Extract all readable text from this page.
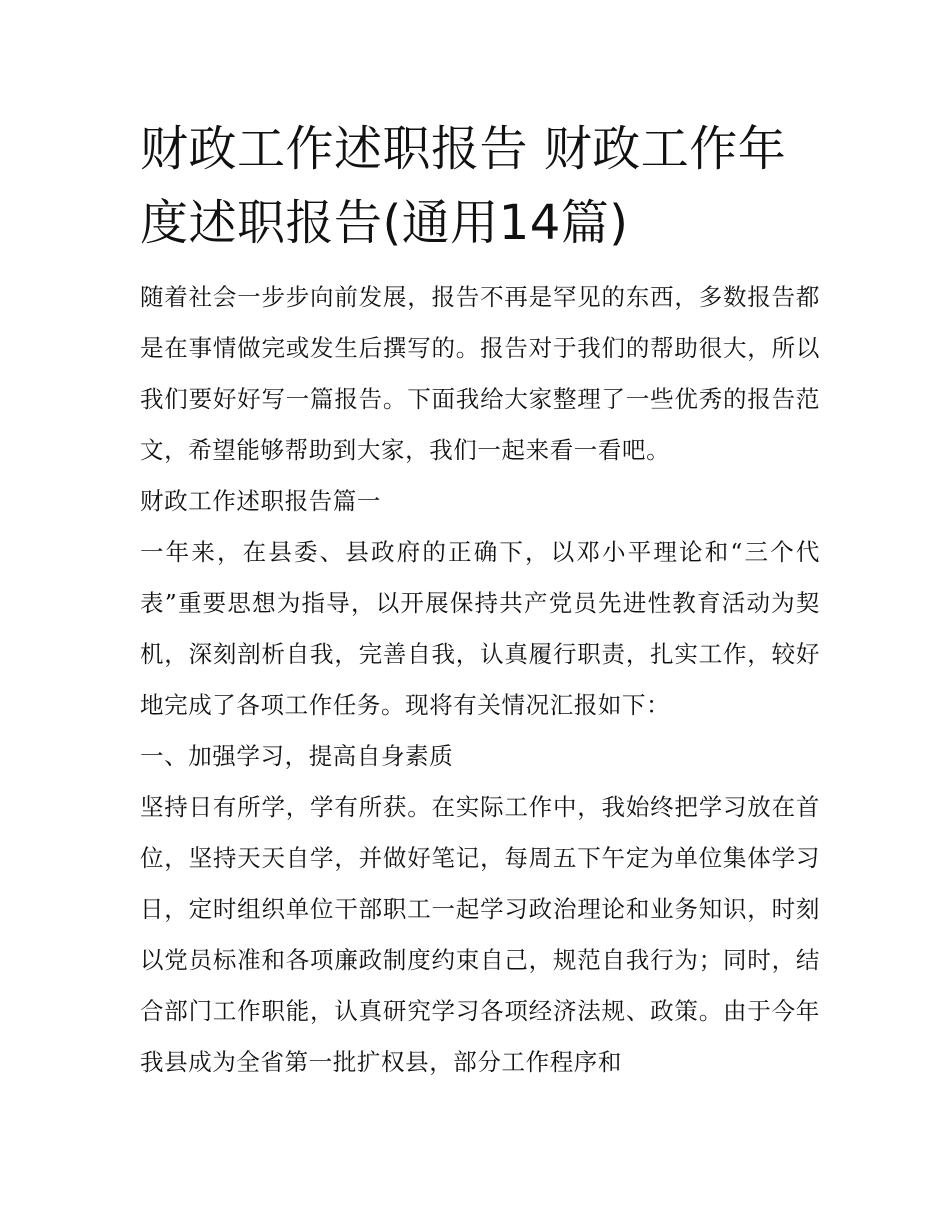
财政工作述职报告 财政工作年度述职报告(通用14篇)

随着社会一步步向前发展，报告不再是罕见的东西，多数报告都是在事情做完或发生后撰写的。报告对于我们的帮助很大，所以我们要好好写一篇报告。下面我给大家整理了一些优秀的报告范文，希望能够帮助到大家，我们一起来看一看吧。

财政工作述职报告篇一

一年来，在县委、县政府的正确下，以邓小平理论和“三个代表”重要思想为指导，以开展保持共产党员先进性教育活动为契机，深刻剖析自我，完善自我，认真履行职责，扎实工作，较好地完成了各项工作任务。现将有关情况汇报如下：

一、加强学习，提高自身素质

坚持日有所学，学有所获。在实际工作中，我始终把学习放在首位，坚持天天自学，并做好笔记，每周五下午定为单位集体学习日，定时组织单位干部职工一起学习政治理论和业务知识，时刻以党员标准和各项廉政制度约束自己，规范自我行为；同时，结合部门工作职能，认真研究学习各项经济法规、政策。由于今年我县成为全省第一批扩权县，部分工作程序和
